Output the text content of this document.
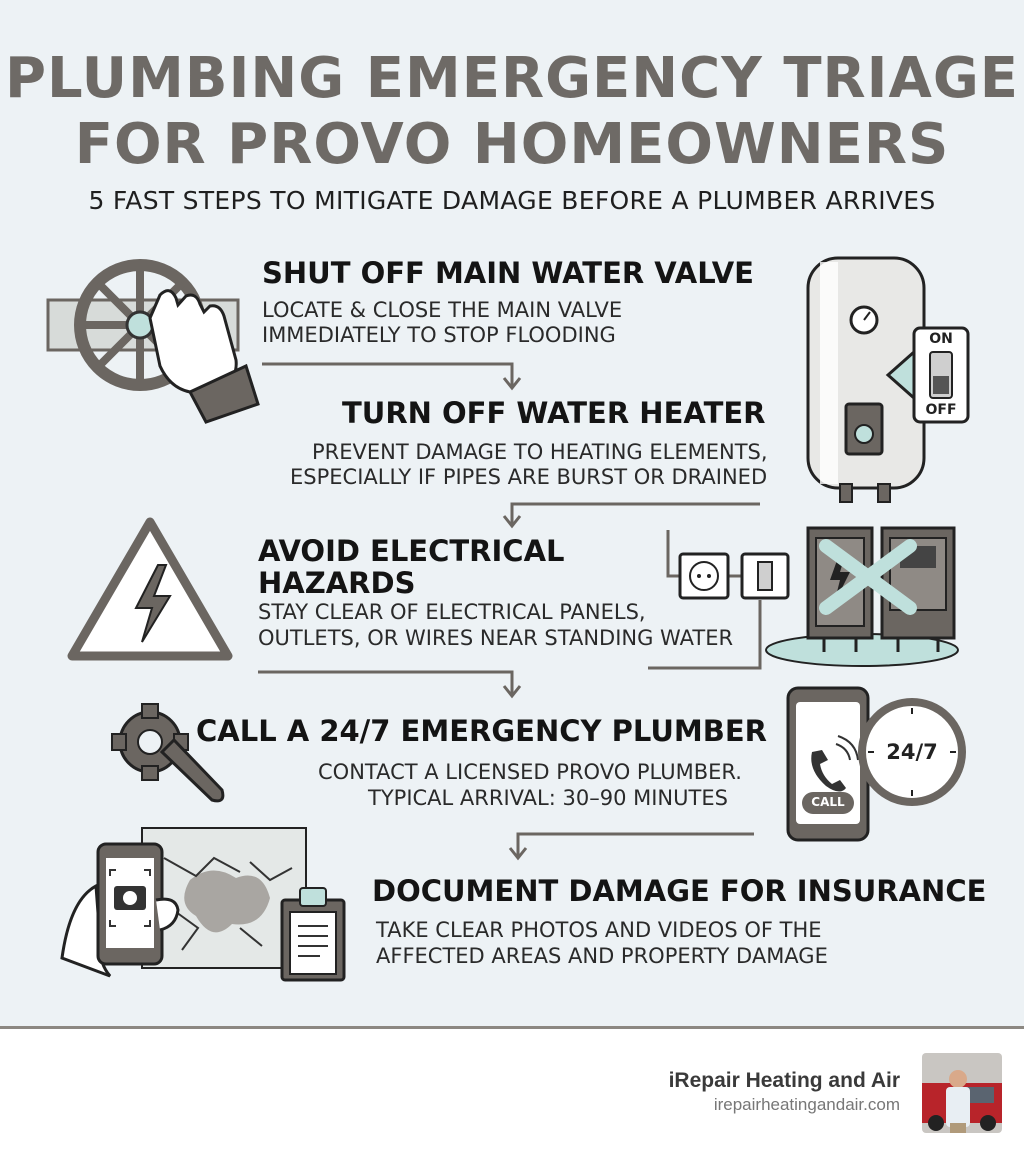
PLUMBING EMERGENCY TRIAGE
FOR PROVO HOMEOWNERS
5 FAST STEPS TO MITIGATE DAMAGE BEFORE A PLUMBER ARRIVES
SHUT OFF MAIN WATER VALVE
LOCATE & CLOSE THE MAIN VALVE
IMMEDIATELY TO STOP FLOODING
TURN OFF WATER HEATER
PREVENT DAMAGE TO HEATING ELEMENTS,
ESPECIALLY IF PIPES ARE BURST OR DRAINED
ON
OFF
AVOID ELECTRICAL
HAZARDS
STAY CLEAR OF ELECTRICAL PANELS,
OUTLETS, OR WIRES NEAR STANDING WATER
CALL A 24/7 EMERGENCY PLUMBER
CONTACT A LICENSED PROVO PLUMBER.
TYPICAL ARRIVAL: 30–90 MINUTES	CALL
24/7
DOCUMENT DAMAGE FOR INSURANCE
TAKE CLEAR PHOTOS AND VIDEOS OF THE
AFFECTED AREAS AND PROPERTY DAMAGE
iRepair Heating and Air
irepairheatingandair.com
